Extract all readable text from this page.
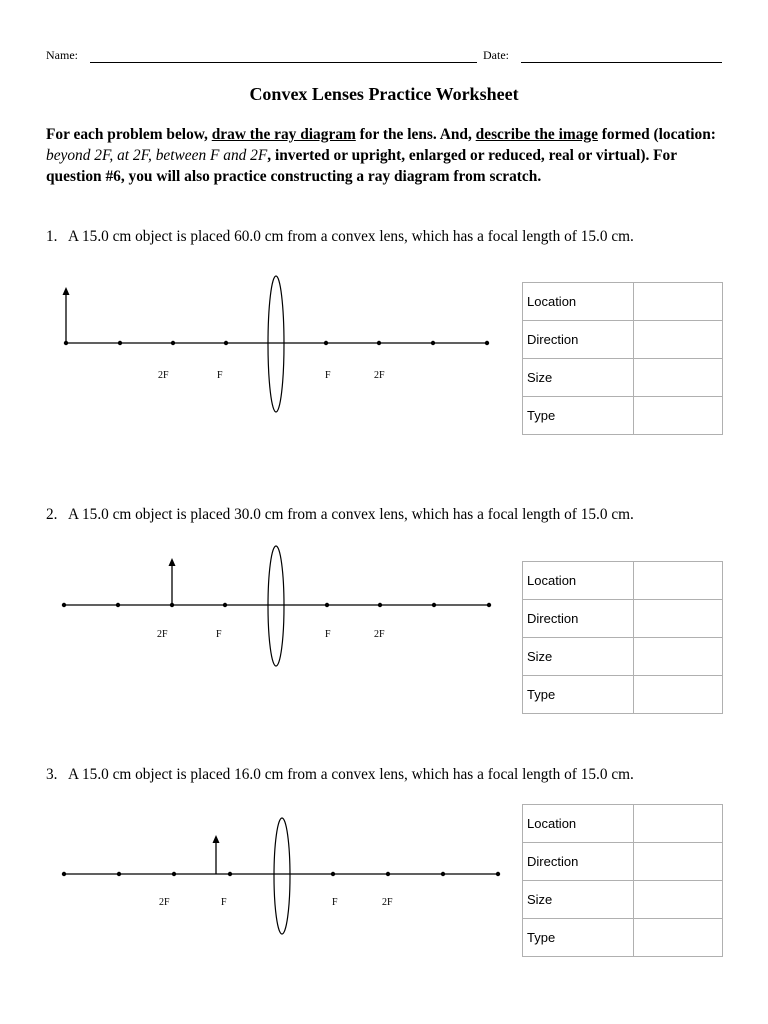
Name:	Date:
Convex Lenses Practice Worksheet
For each problem below, draw the ray diagram for the lens. And, describe the image formed (location: beyond 2F, at 2F, between F and 2F, inverted or upright, enlarged or reduced, real or virtual). For question #6, you will also practice constructing a ray diagram from scratch.
1. A 15.0 cm object is placed 60.0 cm from a convex lens, which has a focal length of 15.0 cm.
2F	F	F	2F
Location	
Direction	
Size	
Type	
2. A 15.0 cm object is placed 30.0 cm from a convex lens, which has a focal length of 15.0 cm.
2F	F	F	2F
Location	
Direction	
Size	
Type	
3. A 15.0 cm object is placed 16.0 cm from a convex lens, which has a focal length of 15.0 cm.
2F	F	F	2F
Location	
Direction	
Size	
Type	
